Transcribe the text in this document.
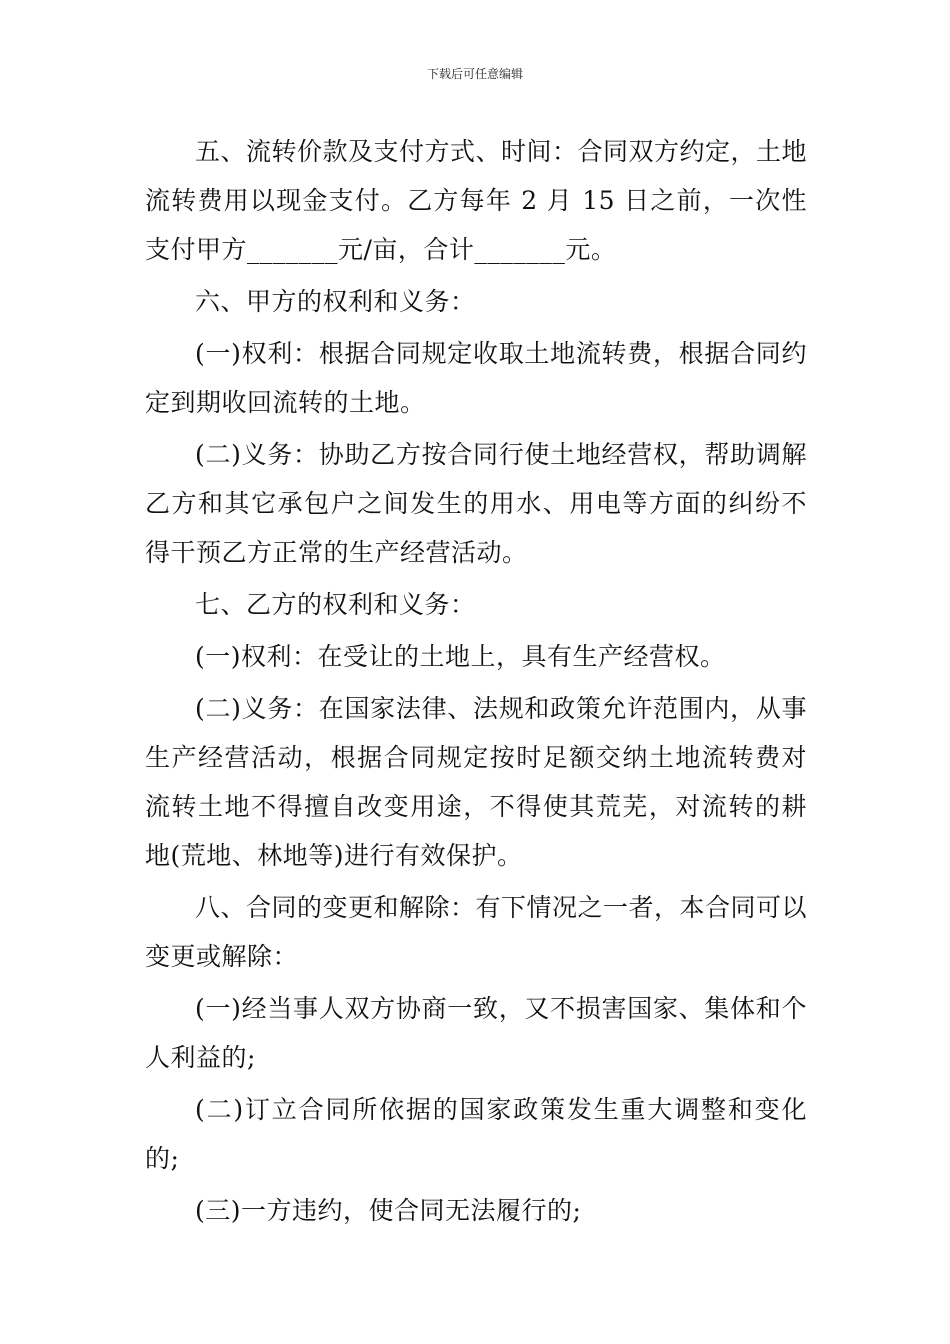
下载后可任意编辑

五、流转价款及支付方式、时间：合同双方约定，土地流转费用以现金支付。乙方每年 2 月 15 日之前，一次性支付甲方_______元/亩，合计_______元。

六、甲方的权利和义务：

(一)权利：根据合同规定收取土地流转费，根据合同约定到期收回流转的土地。

(二)义务：协助乙方按合同行使土地经营权，帮助调解乙方和其它承包户之间发生的用水、用电等方面的纠纷不得干预乙方正常的生产经营活动。

七、乙方的权利和义务：

(一)权利：在受让的土地上，具有生产经营权。

(二)义务：在国家法律、法规和政策允许范围内，从事生产经营活动，根据合同规定按时足额交纳土地流转费对流转土地不得擅自改变用途，不得使其荒芜，对流转的耕地(荒地、林地等)进行有效保护。

八、合同的变更和解除：有下情况之一者，本合同可以变更或解除：

(一)经当事人双方协商一致，又不损害国家、集体和个人利益的;

(二)订立合同所依据的国家政策发生重大调整和变化的;

(三)一方违约，使合同无法履行的;
